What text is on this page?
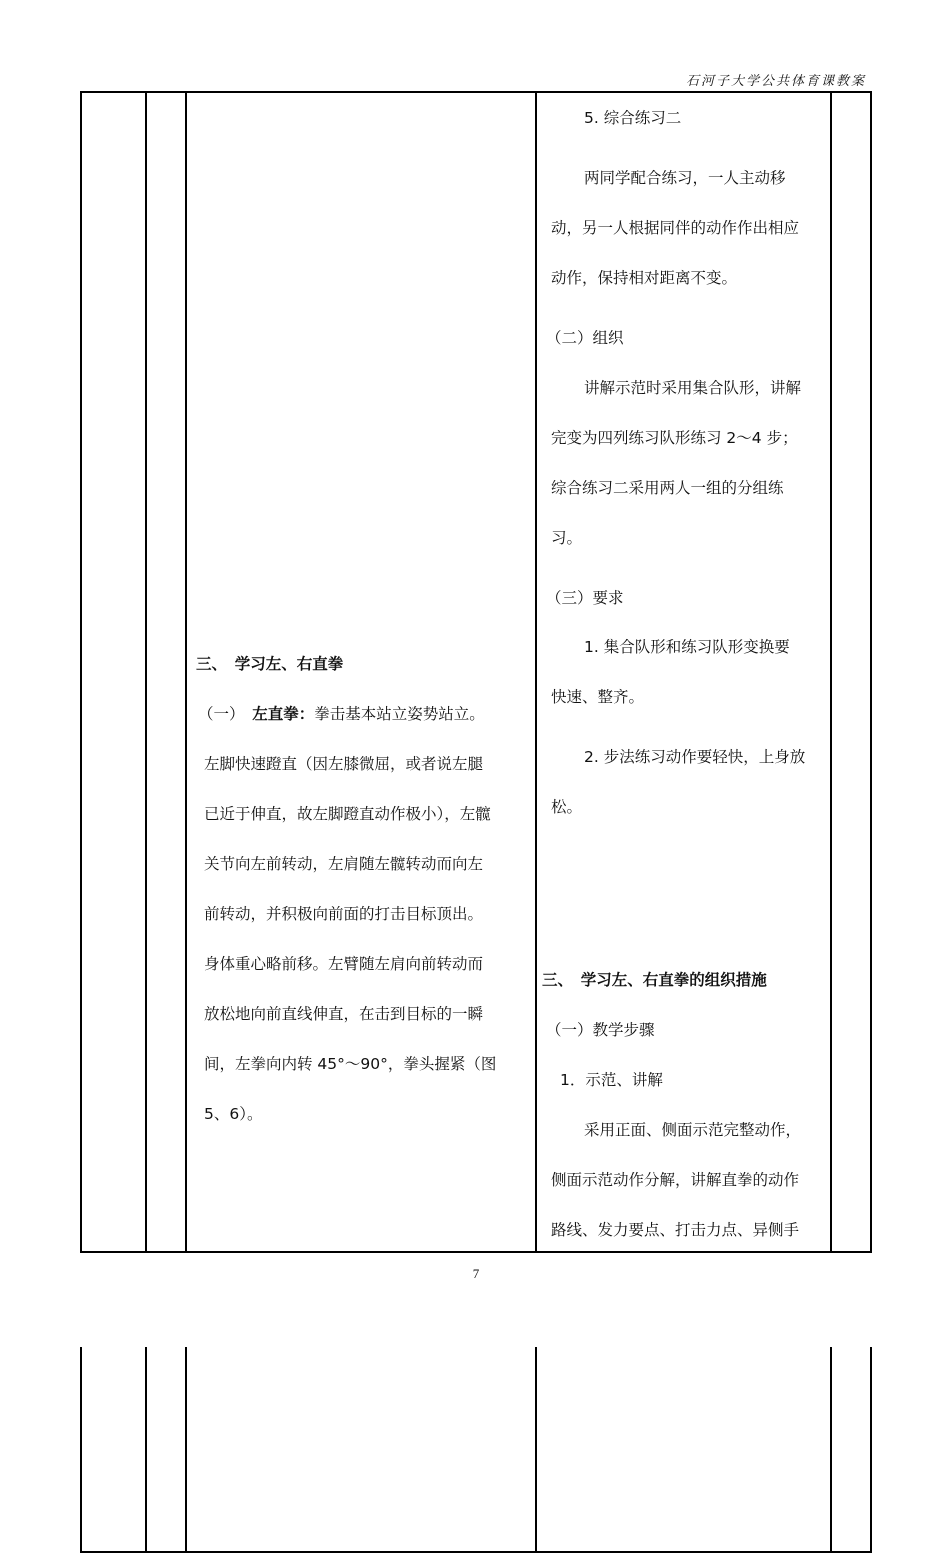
石河子大学公共体育课教案
三、　学习左、右直拳
（一）　左直拳：拳击基本站立姿势站立。
左脚快速蹬直（因左膝微屈，或者说左腿
已近于伸直，故左脚蹬直动作极小），左髋
关节向左前转动，左肩随左髋转动而向左
前转动，并积极向前面的打击目标顶出。
身体重心略前移。左臂随左肩向前转动而
放松地向前直线伸直，在击到目标的一瞬
间，左拳向内转 45°～90°，拳头握紧（图
5、6）。
5. 综合练习二
两同学配合练习，一人主动移
动，另一人根据同伴的动作作出相应
动作，保持相对距离不变。
（二）组织
讲解示范时采用集合队形，讲解
完变为四列练习队形练习 2～4 步；
综合练习二采用两人一组的分组练
习。
（三）要求
1. 集合队形和练习队形变换要
快速、整齐。
2. 步法练习动作要轻快，上身放
松。
三、　学习左、右直拳的组织措施
（一）教学步骤
1．示范、讲解
采用正面、侧面示范完整动作，
侧面示范动作分解，讲解直拳的动作
路线、发力要点、打击力点、异侧手
7
